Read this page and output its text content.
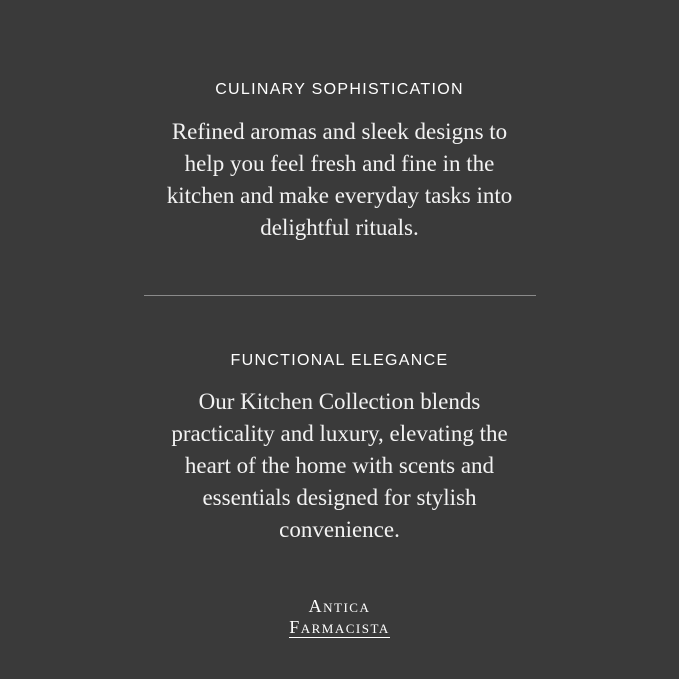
CULINARY SOPHISTICATION
Refined aromas and sleek designs to
help you feel fresh and fine in the
kitchen and make everyday tasks into
delightful rituals.
FUNCTIONAL ELEGANCE
Our Kitchen Collection blends
practicality and luxury, elevating the
heart of the home with scents and
essentials designed for stylish
convenience.
Antica
Farmacista
